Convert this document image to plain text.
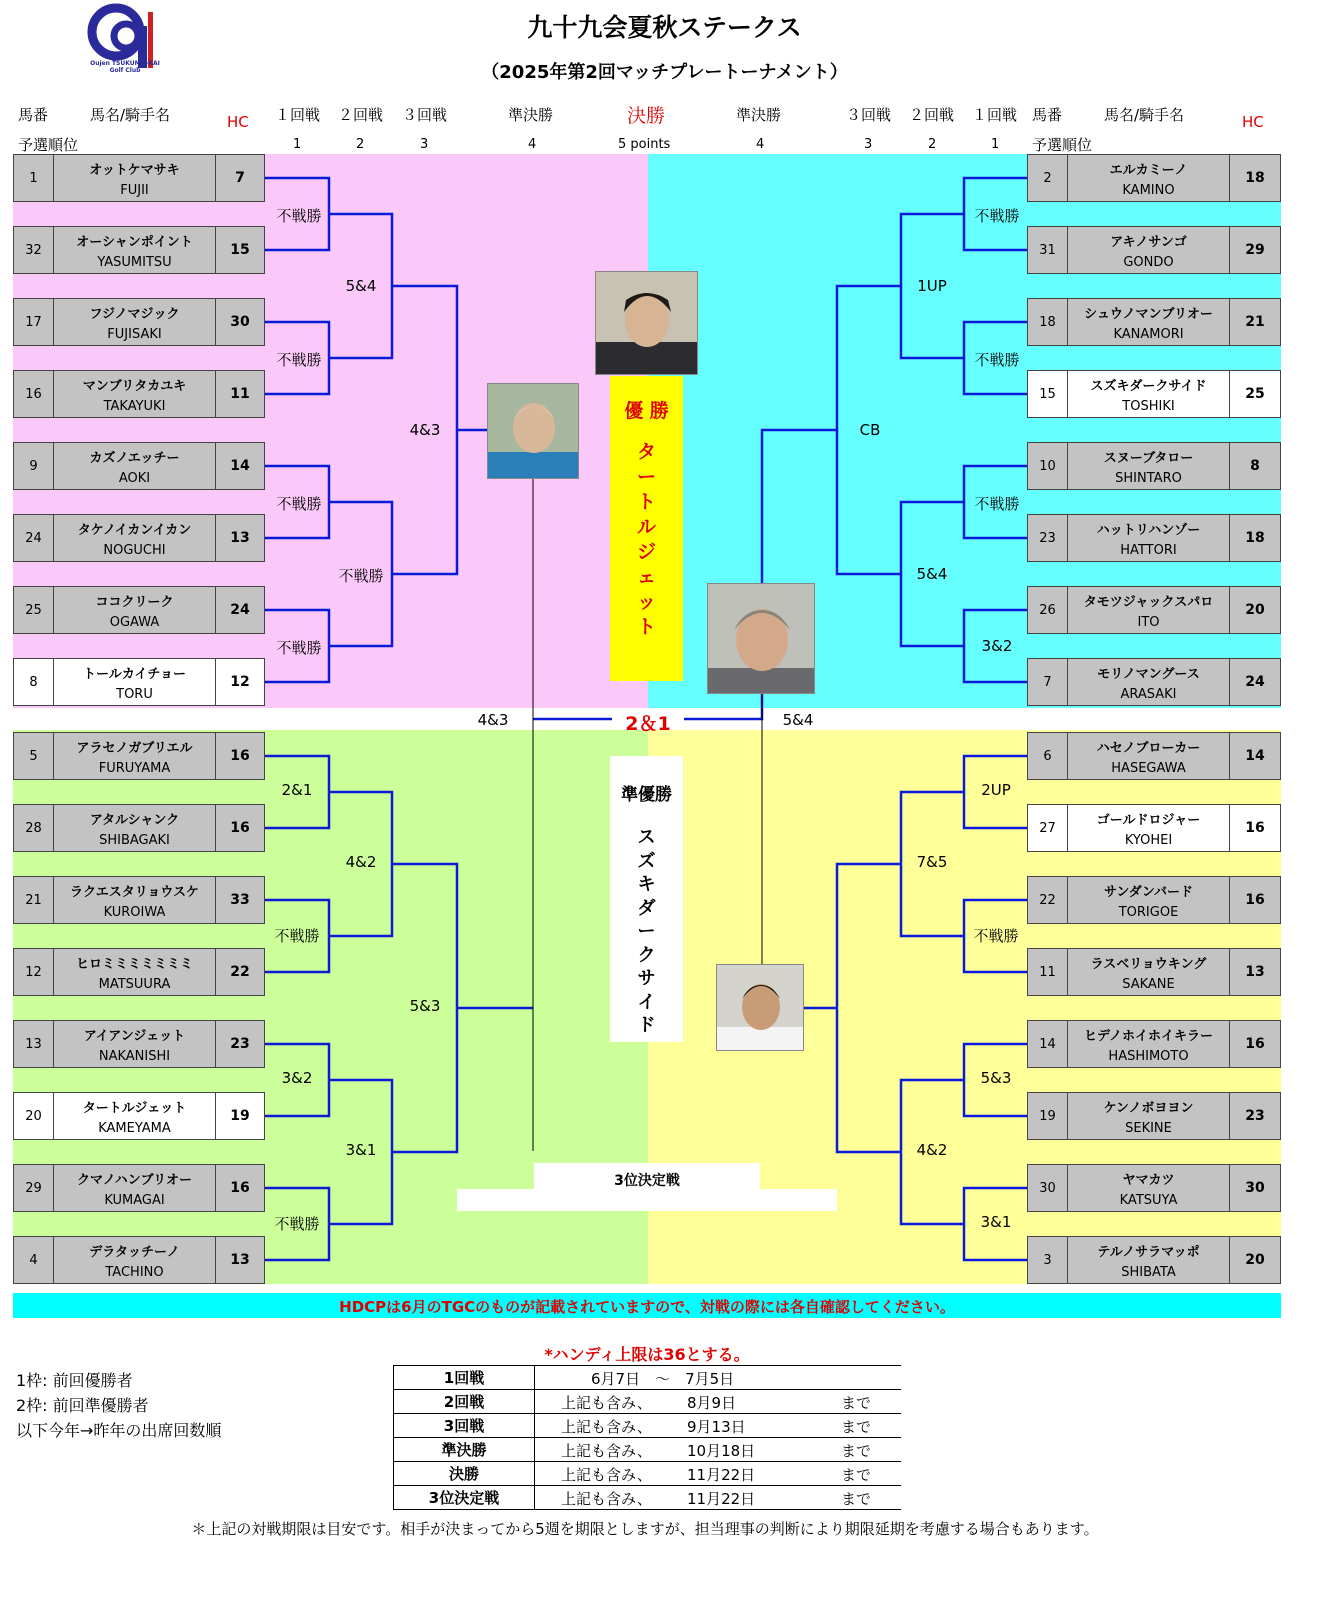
Oujen TSUKUMO-KAI Golf Club
九十九会夏秋ステークス
（2025年第2回マッチプレートーナメント）
馬番	馬名/騎手名	HC
予選順位
１回戦 ２回戦 ３回戦	準決勝	決勝	準決勝	３回戦 ２回戦 １回戦 馬番	馬名/騎手名	HC
予選順位
1	2	3	4	5 points	4	3	2	1
1	オットケマサキ
FUJII
7
32	オーシャンポイント
YASUMITSU
15
17	フジノマジック
FUJISAKI
30
16	マンブリタカユキ
TAKAYUKI
11
9	カズノエッチー
AOKI
14
24	タケノイカンイカン
NOGUCHI
13
25	ココクリーク
OGAWA
24
8	トールカイチョー
TORU
12
5	アラセノガブリエル
FURUYAMA
16
28	アタルシャンク
SHIBAGAKI
16
21	ラクエスタリョウスケ
KUROIWA
33
12	ヒロミミミミミミミ
MATSUURA
22
13	アイアンジェット
NAKANISHI
23
20	タートルジェット
KAMEYAMA
19
29	クマノハンブリオー
KUMAGAI
16
4	デラタッチーノ
TACHINO
13
2	エルカミーノ
KAMINO
18
31	アキノサンゴ
GONDO
29
18	シュウノマンブリオー
KANAMORI
21
15	スズキダークサイド
TOSHIKI
25
10	スヌーブタロー
SHINTARO
8
23	ハットリハンゾー
HATTORI
18
26	タモツジャックスパロ
ITO
20
7	モリノマングース
ARASAKI
24
6	ハセノブローカー
HASEGAWA
14
27	ゴールドロジャー
KYOHEI
16
22	サンダンバード
TORIGOE
16
11	ラスベリョウキング
SAKANE
13
14	ヒデノホイホイキラー
HASHIMOTO
16
19	ケンノボヨヨン
SEKINE
23
30	ヤマカツ
KATSUYA
30
3	テルノサラマッポ
SHIBATA
20
不戦勝
不戦勝
不戦勝
不戦勝
5&4
不戦勝
4&3
2&1
不戦勝
3&2
不戦勝
4&2
3&1
5&3
不戦勝
不戦勝
不戦勝
3&2
1UP
5&4
CB
2UP
不戦勝
5&3
3&1
7&5
4&2
4&3	5&4
2＆1
優 勝
タ
ー
ト
ル
ジ
ェ
ッ
ト
準優勝
ス
ズ
キ
ダ
ー
ク
サ
イ
ド
3位決定戦
HDCPは6月のTGCのものが記載されていますので、対戦の際には各自確認してください。
*ハンディ上限は36とする。
1枠: 前回優勝者
2枠: 前回準優勝者
以下今年→昨年の出席回数順
1回戦	6月7日　～　7月5日

2回戦	上記も含み、 8月9日 まで

3回戦	上記も含み、 9月13日 まで

準決勝	上記も含み、 10月18日 まで

決勝	上記も含み、 11月22日 まで

3位決定戦	上記も含み、 11月22日 まで
＊上記の対戦期限は目安です。相手が決まってから5週を期限としますが、担当理事の判断により期限延期を考慮する場合もあります。
